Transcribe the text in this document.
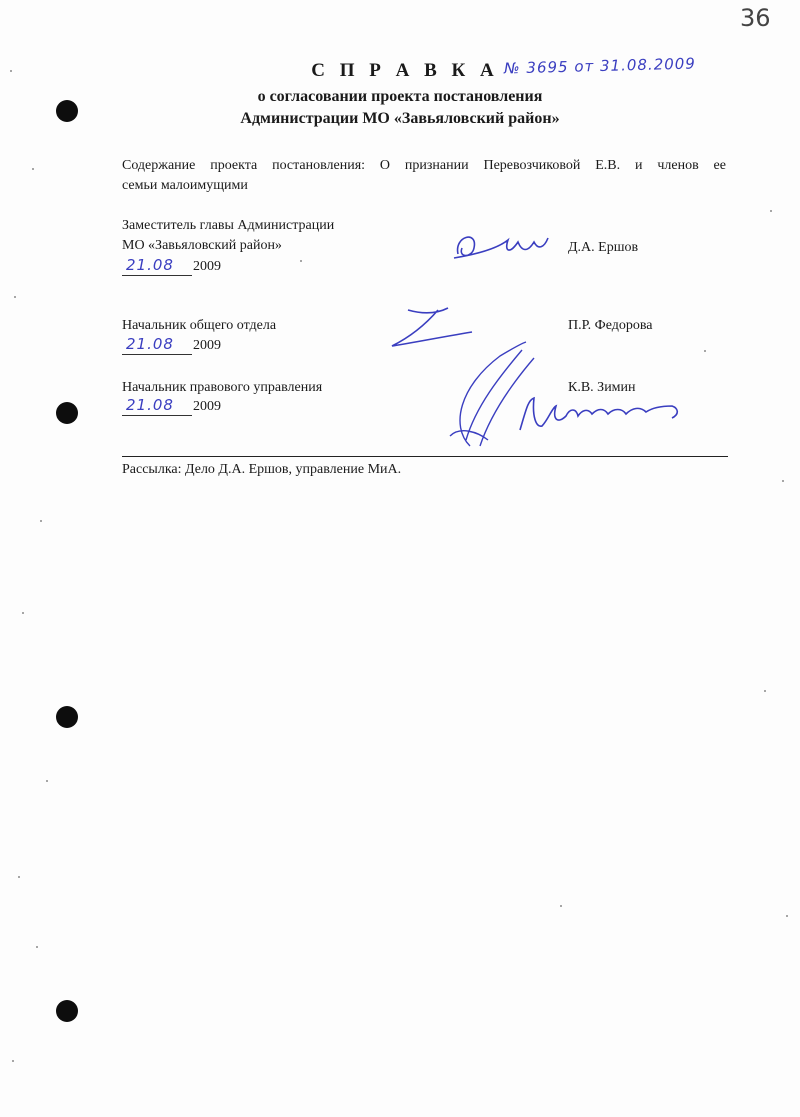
36
№ 3695 от 31.08.2009
С П Р А В К А
о согласовании проекта постановления
Администрации МО «Завьяловский район»
Содержание проекта постановления: О признании Перевозчиковой Е.В. и членов ее
семьи малоимущими
Заместитель главы Администрации
МО «Завьяловский район»
21.08 2009
Д.А. Ершов
Начальник общего отдела
21.08 2009
П.Р. Федорова
Начальник правового управления
21.08 2009
К.В. Зимин
Рассылка: Дело Д.А. Ершов, управление МиА.
